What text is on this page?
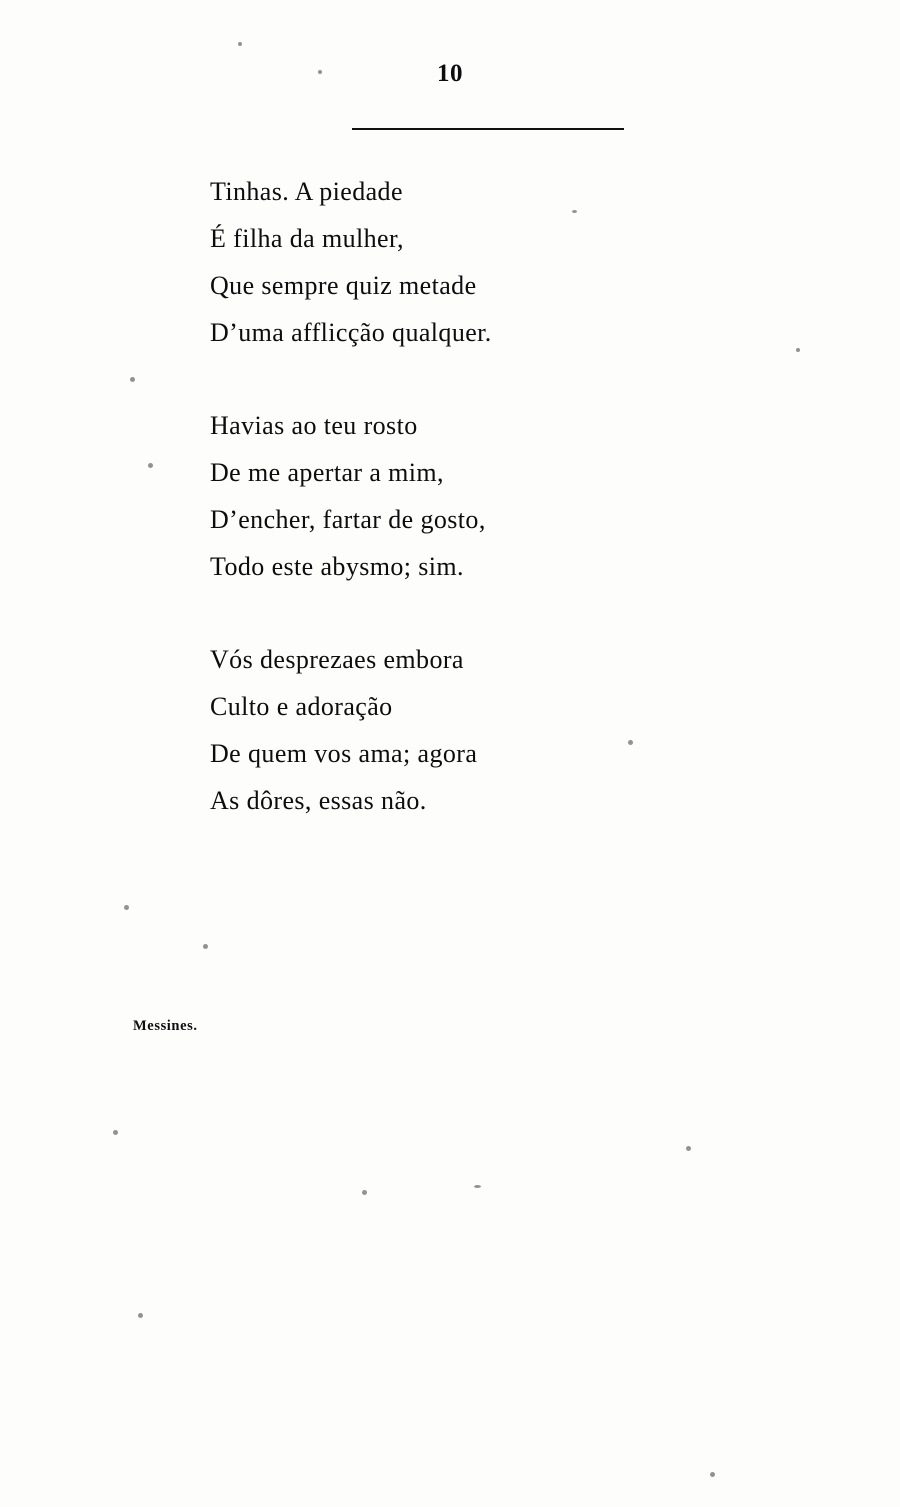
10
Tinhas. A piedade
É filha da mulher,
Que sempre quiz metade
D’uma afflicção qualquer.
Havias ao teu rosto
De me apertar a mim,
D’encher, fartar de gosto,
Todo este abysmo; sim.
Vós desprezaes embora
Culto e adoração
De quem vos ama; agora
As dôres, essas não.
Messines.
